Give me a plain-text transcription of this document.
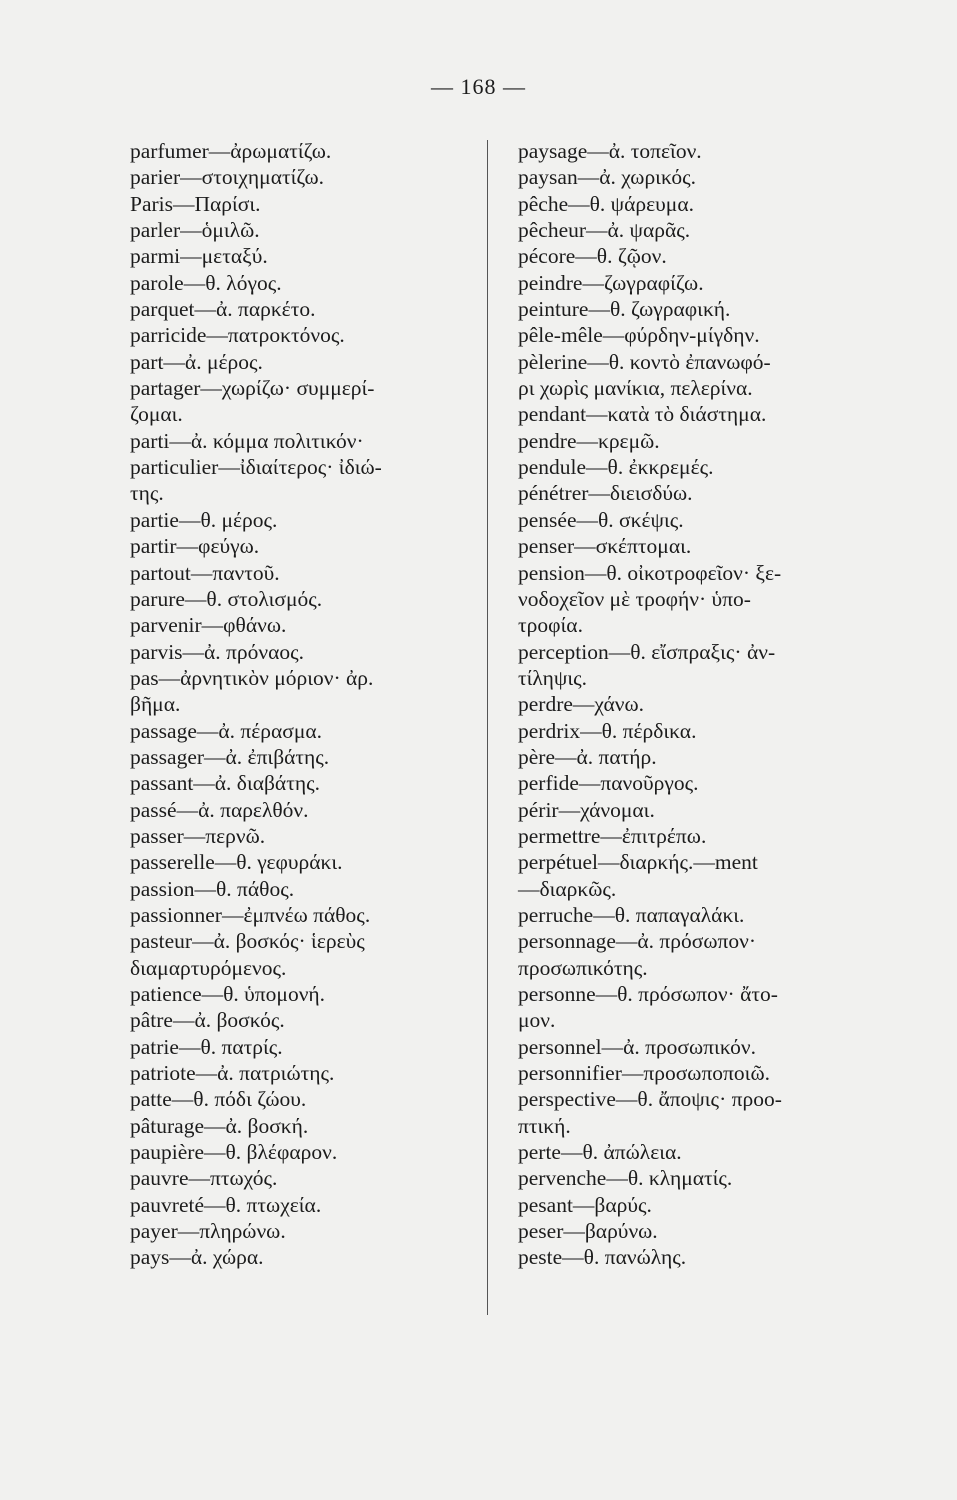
— 168 —
parfumer—ἀρωματίζω.
parier—στοιχηματίζω.
Paris—Παρίσι.
parler—ὁμιλῶ.
parmi—μεταξύ.
parole—θ. λόγος.
parquet—ἀ. παρκέτο.
parricide—πατροκτόνος.
part—ἀ. μέρος.
partager—χωρίζω· συμμερί-
ζομαι.
parti—ἀ. κόμμα πολιτικόν·
particulier—ἰδιαίτερος· ἰδιώ-
της.
partie—θ. μέρος.
partir—φεύγω.
partout—παντοῦ.
parure—θ. στολισμός.
parvenir—φθάνω.
parvis—ἀ. πρόναος.
pas—ἀρνητικὸν μόριον· ἀρ.
βῆμα.
passage—ἀ. πέρασμα.
passager—ἀ. ἐπιβάτης.
passant—ἀ. διαβάτης.
passé—ἀ. παρελθόν.
passer—περνῶ.
passerelle—θ. γεφυράκι.
passion—θ. πάθος.
passionner—ἐμπνέω πάθος.
pasteur—ἀ. βοσκός· ἱερεὺς
διαμαρτυρόμενος.
patience—θ. ὑπομονή.
pâtre—ἀ. βοσκός.
patrie—θ. πατρίς.
patriote—ἀ. πατριώτης.
patte—θ. πόδι ζώου.
pâturage—ἀ. βοσκή.
paupière—θ. βλέφαρον.
pauvre—πτωχός.
pauvreté—θ. πτωχεία.
payer—πληρώνω.
pays—ἀ. χώρα.
paysage—ἀ. τοπεῖον.
paysan—ἀ. χωρικός.
pêche—θ. ψάρευμα.
pêcheur—ἀ. ψαρᾶς.
pécore—θ. ζῷον.
peindre—ζωγραφίζω.
peinture—θ. ζωγραφική.
pêle-mêle—φύρδην-μίγδην.
pèlerine—θ. κοντὸ ἐπανωφό-
ρι χωρὶς μανίκια, πελερίνα.
pendant—κατὰ τὸ διάστημα.
pendre—κρεμῶ.
pendule—θ. ἐκκρεμές.
pénétrer—διεισδύω.
pensée—θ. σκέψις.
penser—σκέπτομαι.
pension—θ. οἰκοτροφεῖον· ξε-
νοδοχεῖον μὲ τροφήν· ὑπο-
τροφία.
perception—θ. εἴσπραξις· ἀν-
τίληψις.
perdre—χάνω.
perdrix—θ. πέρδικα.
père—ἀ. πατήρ.
perfide—πανοῦργος.
périr—χάνομαι.
permettre—ἐπιτρέπω.
perpétuel—διαρκής.—ment
—διαρκῶς.
perruche—θ. παπαγαλάκι.
personnage—ἀ. πρόσωπον·
προσωπικότης.
personne—θ. πρόσωπον· ἄτο-
μον.
personnel—ἀ. προσωπικόν.
personnifier—προσωποποιῶ.
perspective—θ. ἄποψις· προο-
πτική.
perte—θ. ἀπώλεια.
pervenche—θ. κληματίς.
pesant—βαρύς.
peser—βαρύνω.
peste—θ. πανώλης.
